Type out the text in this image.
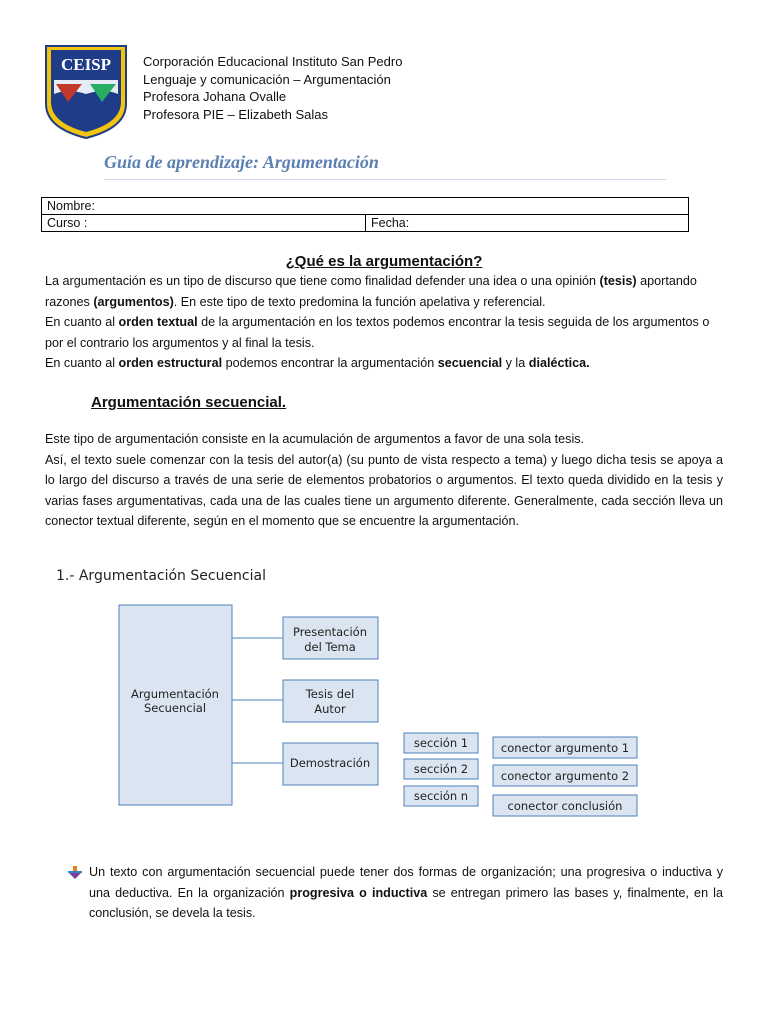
CEISP Corporación Educacional Instituto San Pedro
Lenguaje y comunicación – Argumentación
Profesora Johana Ovalle
Profesora PIE – Elizabeth Salas
Guía de aprendizaje: Argumentación
Nombre:
Curso :	Fecha:
¿Qué es la argumentación?

La argumentación es un tipo de discurso que tiene como finalidad defender una idea o una opinión (tesis) aportando razones (argumentos). En este tipo de texto predomina la función apelativa y referencial.

En cuanto al orden textual de la argumentación en los textos podemos encontrar la tesis seguida de los argumentos o por el contrario los argumentos y al final la tesis.

En cuanto al orden estructural podemos encontrar la argumentación secuencial y la dialéctica.

Argumentación secuencial.

Este tipo de argumentación consiste en la acumulación de argumentos a favor de una sola tesis.

Así, el texto suele comenzar con la tesis del autor(a) (su punto de vista respecto a tema) y luego dicha tesis se apoya a lo largo del discurso a través de una serie de elementos probatorios o argumentos. El texto queda dividido en la tesis y varias fases argumentativas, cada una de las cuales tiene un argumento diferente. Generalmente, cada sección lleva un conector textual diferente, según en el momento que se encuentre la argumentación.

1.- Argumentación Secuencial
Argumentación
Secuencial
Presentación
del Tema
Tesis del
Autor
Demostración
sección 1
sección 2
sección n
conector argumento 1
conector argumento 2
conector conclusión
Un texto con argumentación secuencial puede tener dos formas de organización; una progresiva o inductiva y una deductiva. En la organización progresiva o inductiva se entregan primero las bases y, finalmente, en la conclusión, se devela la tesis.
